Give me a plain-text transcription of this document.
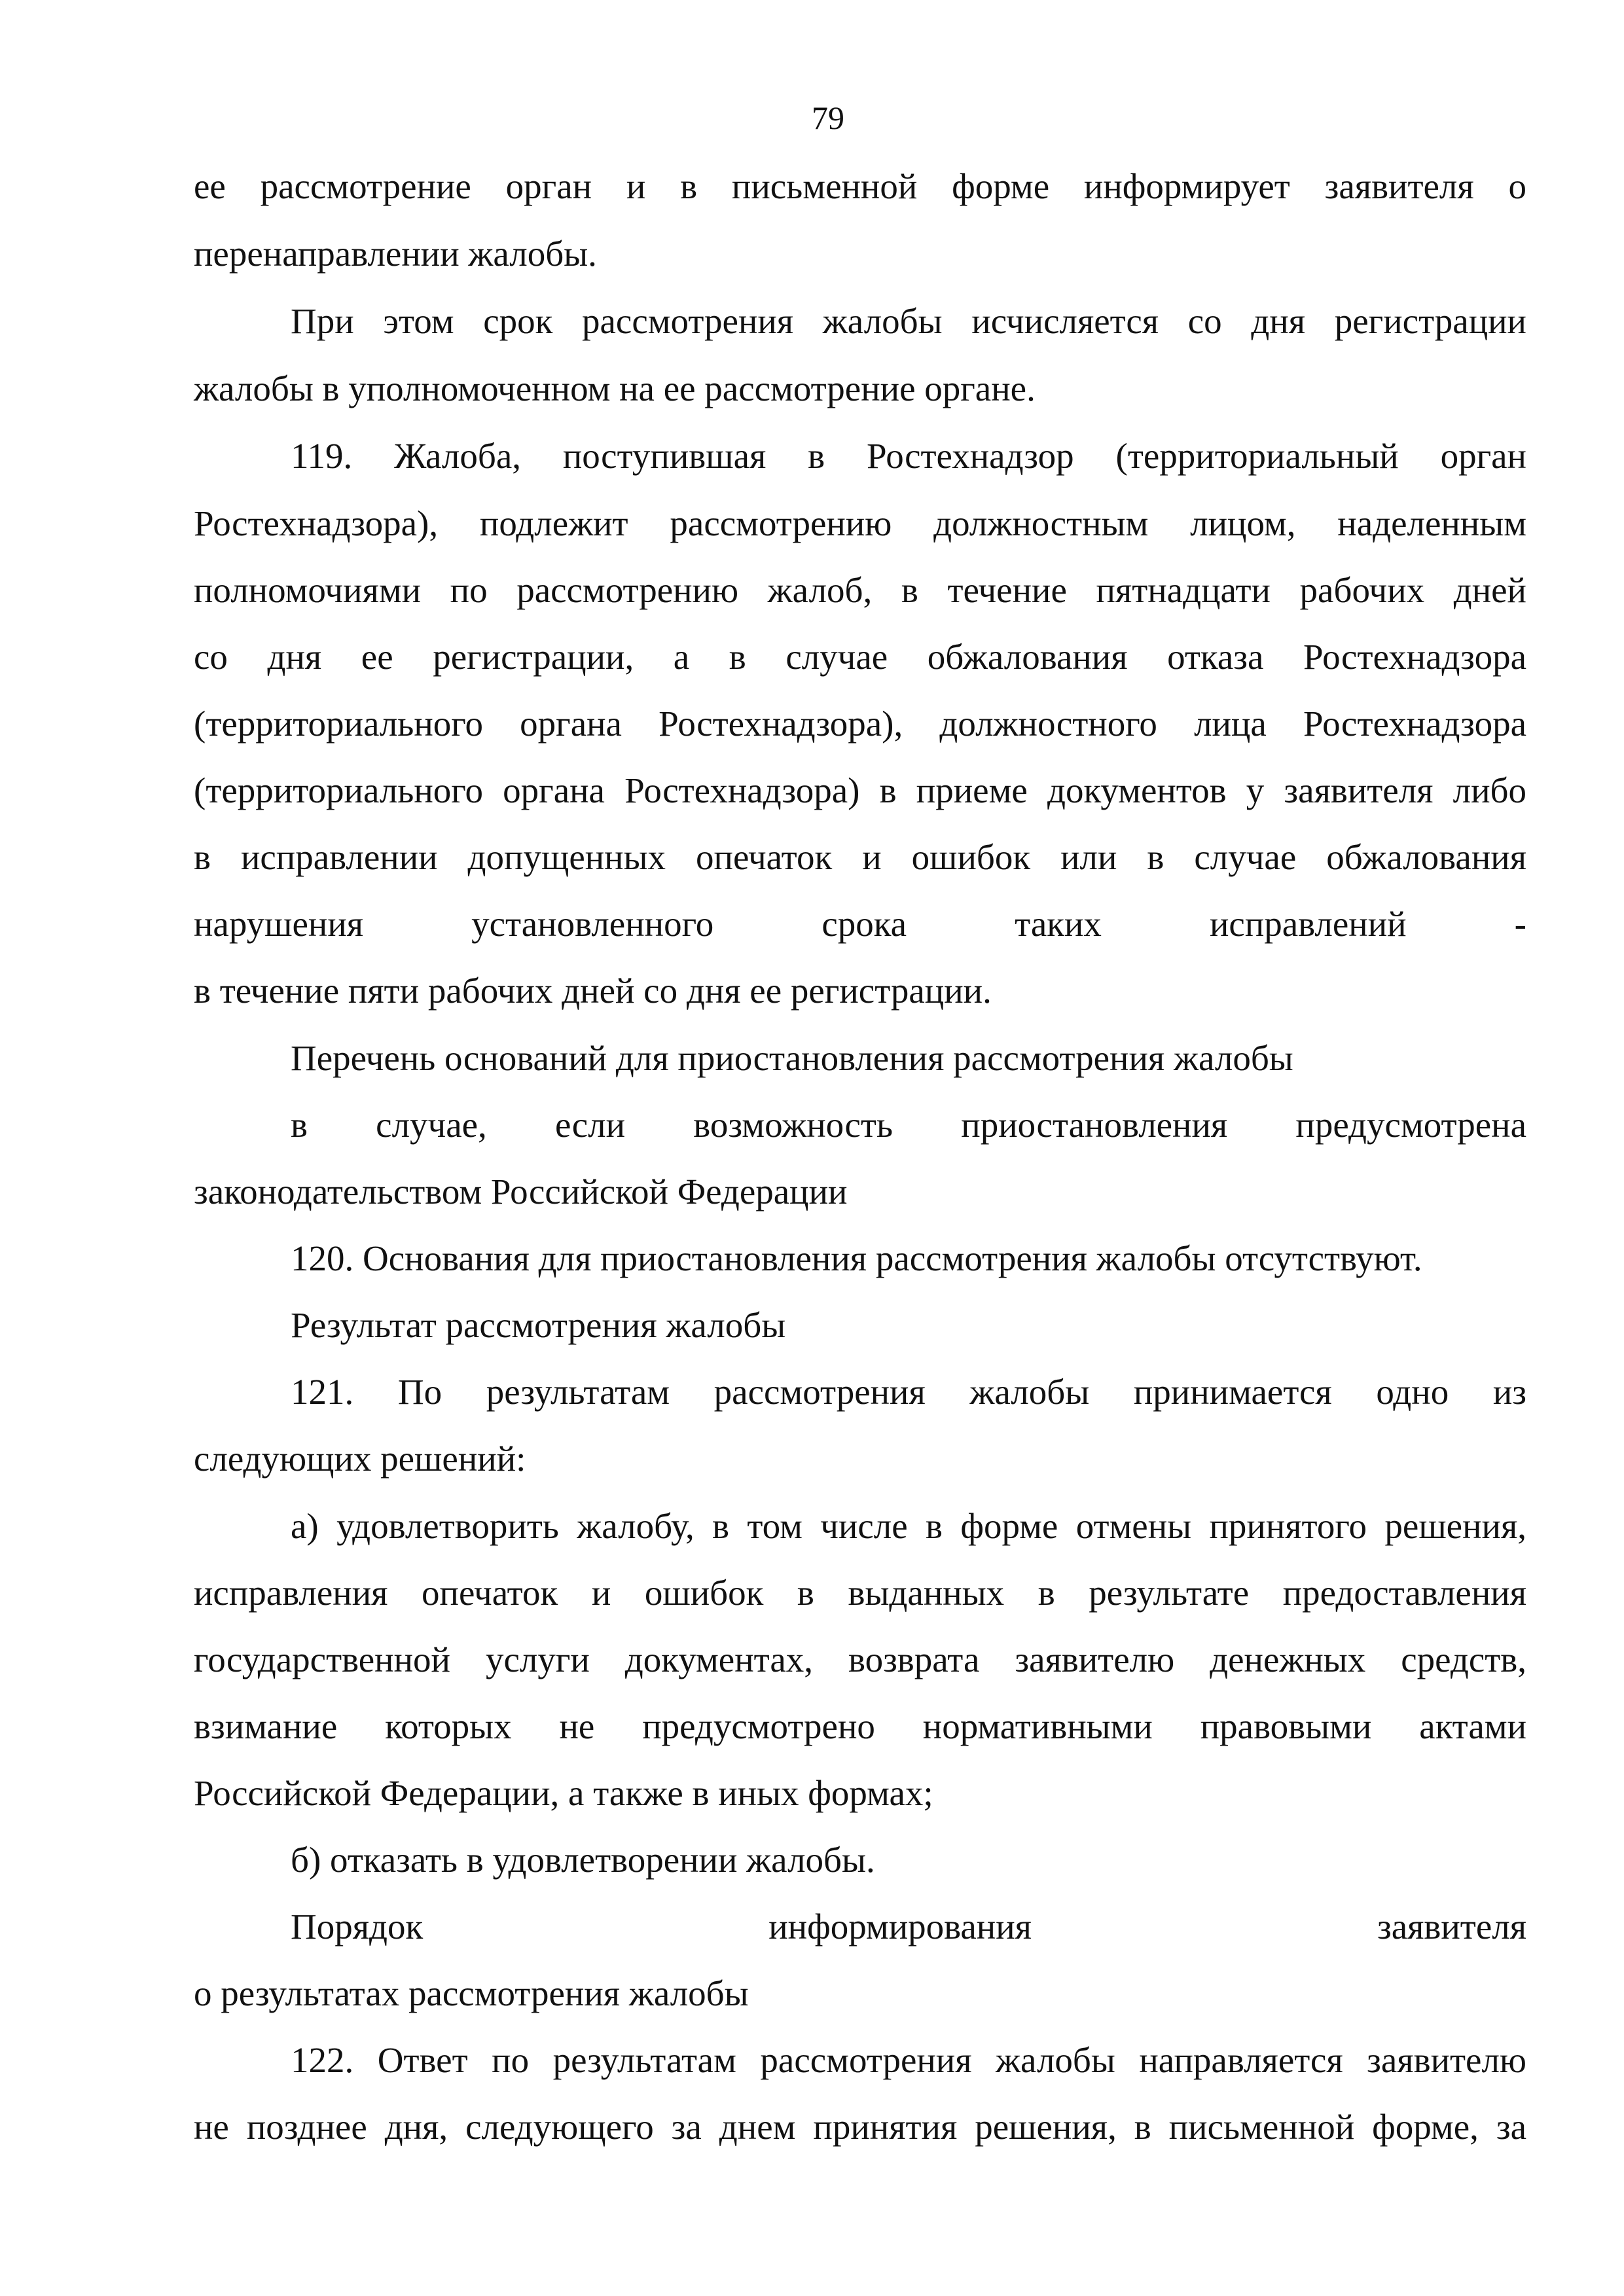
79
ее рассмотрение орган и в письменной форме информирует заявителя о
перенаправлении жалобы.
При этом срок рассмотрения жалобы исчисляется со дня регистрации
жалобы в уполномоченном на ее рассмотрение органе.
119. Жалоба, поступившая в Ростехнадзор (территориальный орган
Ростехнадзора), подлежит рассмотрению должностным лицом, наделенным
полномочиями по рассмотрению жалоб, в течение пятнадцати рабочих дней
со дня ее регистрации, а в случае обжалования отказа Ростехнадзора
(территориального органа Ростехнадзора), должностного лица Ростехнадзора
(территориального органа Ростехнадзора) в приеме документов у заявителя либо
в исправлении допущенных опечаток и ошибок или в случае обжалования
нарушения установленного срока таких исправлений -
в течение пяти рабочих дней со дня ее регистрации.
Перечень оснований для приостановления рассмотрения жалобы
в случае, если возможность приостановления предусмотрена
законодательством Российской Федерации
120. Основания для приостановления рассмотрения жалобы отсутствуют.
Результат рассмотрения жалобы
121. По результатам рассмотрения жалобы принимается одно из
следующих решений:
а) удовлетворить жалобу, в том числе в форме отмены принятого решения,
исправления опечаток и ошибок в выданных в результате предоставления
государственной услуги документах, возврата заявителю денежных средств,
взимание которых не предусмотрено нормативными правовыми актами
Российской Федерации, а также в иных формах;
б) отказать в удовлетворении жалобы.
Порядок информирования заявителя
о результатах рассмотрения жалобы
122. Ответ по результатам рассмотрения жалобы направляется заявителю
не позднее дня, следующего за днем принятия решения, в письменной форме, за
